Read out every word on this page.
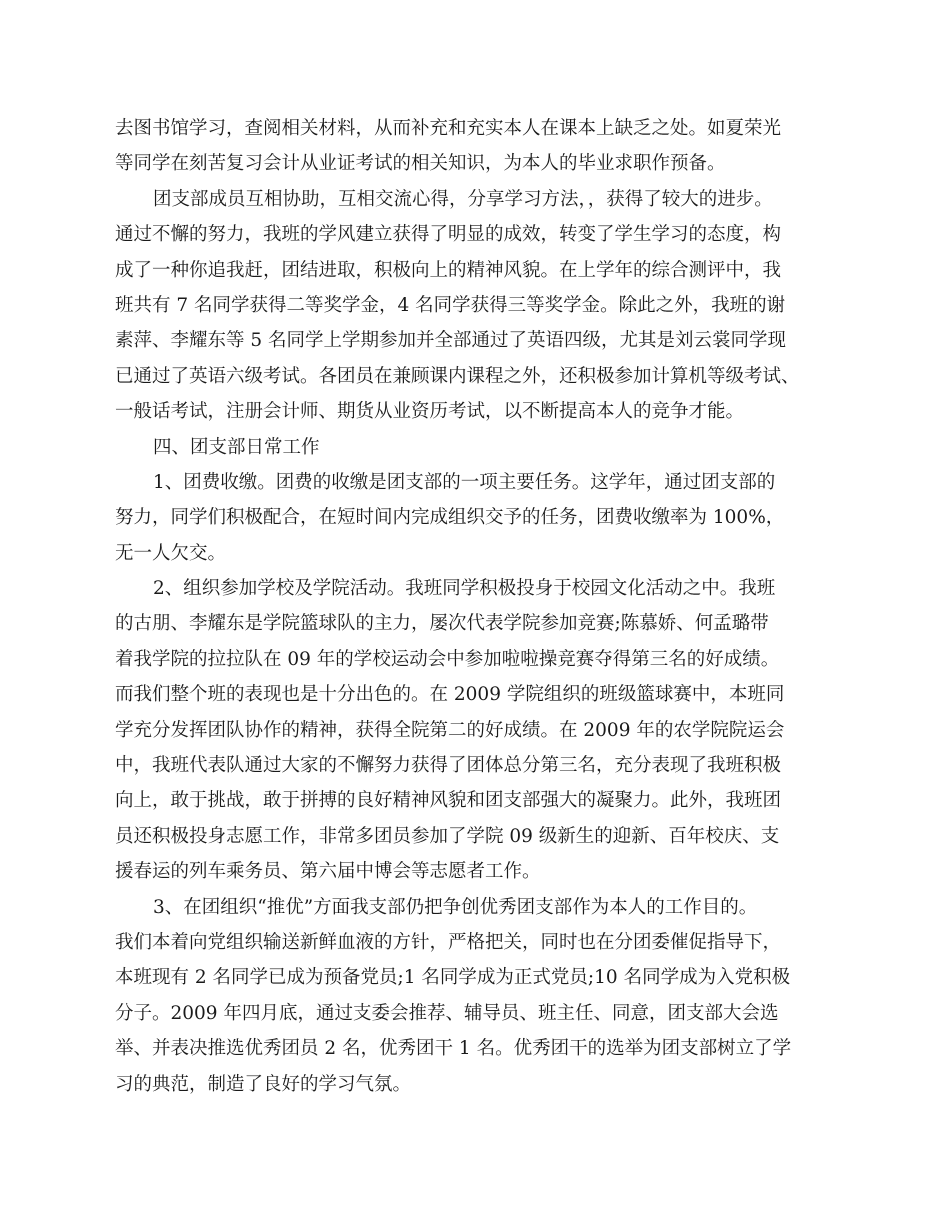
去图书馆学习，查阅相关材料，从而补充和充实本人在课本上缺乏之处。如夏荣光
等同学在刻苦复习会计从业证考试的相关知识，为本人的毕业求职作预备。
团支部成员互相协助，互相交流心得，分享学习方法，，获得了较大的进步。
通过不懈的努力，我班的学风建立获得了明显的成效，转变了学生学习的态度，构
成了一种你追我赶，团结进取，积极向上的精神风貌。在上学年的综合测评中，我
班共有 7 名同学获得二等奖学金，4 名同学获得三等奖学金。除此之外，我班的谢
素萍、李耀东等 5 名同学上学期参加并全部通过了英语四级，尤其是刘云裳同学现
已通过了英语六级考试。各团员在兼顾课内课程之外，还积极参加计算机等级考试、
一般话考试，注册会计师、期货从业资历考试，以不断提高本人的竞争才能。
四、团支部日常工作
1、团费收缴。团费的收缴是团支部的一项主要任务。这学年，通过团支部的
努力，同学们积极配合，在短时间内完成组织交予的任务，团费收缴率为 100%，
无一人欠交。
2、组织参加学校及学院活动。我班同学积极投身于校园文化活动之中。我班
的古朋、李耀东是学院篮球队的主力，屡次代表学院参加竞赛;陈慕娇、何孟璐带
着我学院的拉拉队在 09 年的学校运动会中参加啦啦操竞赛夺得第三名的好成绩。
而我们整个班的表现也是十分出色的。在 2009 学院组织的班级篮球赛中，本班同
学充分发挥团队协作的精神，获得全院第二的好成绩。在 2009 年的农学院院运会
中，我班代表队通过大家的不懈努力获得了团体总分第三名，充分表现了我班积极
向上，敢于挑战，敢于拼搏的良好精神风貌和团支部强大的凝聚力。此外，我班团
员还积极投身志愿工作，非常多团员参加了学院 09 级新生的迎新、百年校庆、支
援春运的列车乘务员、第六届中博会等志愿者工作。
3、在团组织“推优”方面我支部仍把争创优秀团支部作为本人的工作目的。
我们本着向党组织输送新鲜血液的方针，严格把关，同时也在分团委催促指导下，
本班现有 2 名同学已成为预备党员;1 名同学成为正式党员;10 名同学成为入党积极
分子。2009 年四月底，通过支委会推荐、辅导员、班主任、同意，团支部大会选
举、并表决推选优秀团员 2 名，优秀团干 1 名。优秀团干的选举为团支部树立了学
习的典范，制造了良好的学习气氛。
